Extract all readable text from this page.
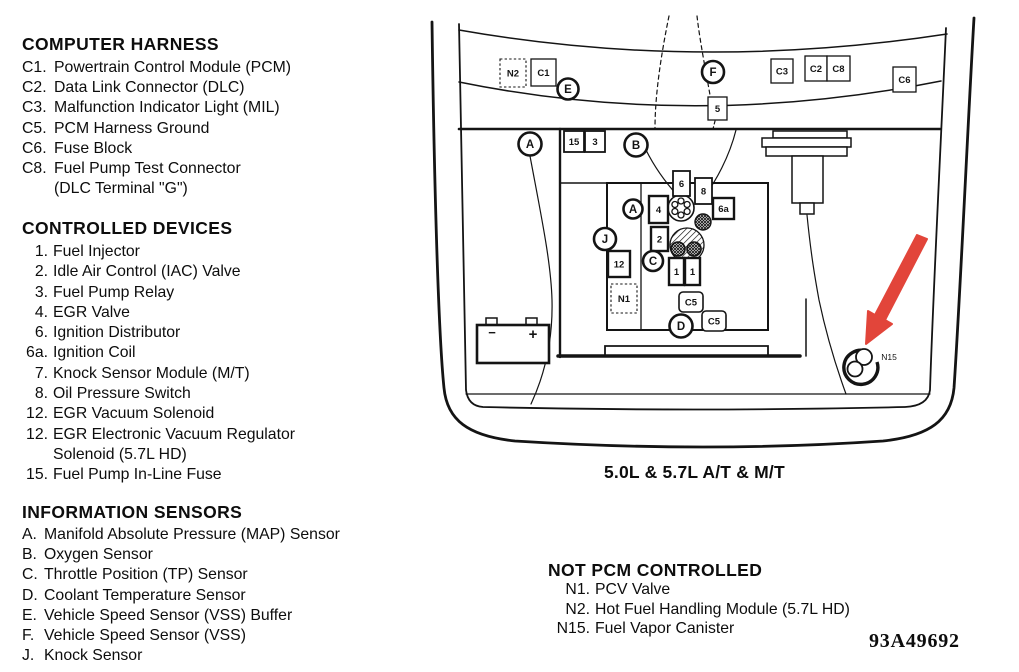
N2 C1
E
F	C3 C2 C8
C6
5
A	15 3	B
6
8
6a
A 4
J	2
C
12
1 1
N1	C5
C5
D
N15
− +
COMPUTER HARNESS
C1. Powertrain Control Module (PCM)
C2. Data Link Connector (DLC)
C3. Malfunction Indicator Light (MIL)
C5. PCM Harness Ground
C6. Fuse Block
C8. Fuel Pump Test Connector
(DLC Terminal "G")
CONTROLLED DEVICES
1. Fuel Injector
2. Idle Air Control (IAC) Valve
3. Fuel Pump Relay
4. EGR Valve
6. Ignition Distributor
6a. Ignition Coil
7. Knock Sensor Module (M/T)
8. Oil Pressure Switch
12. EGR Vacuum Solenoid
12. EGR Electronic Vacuum Regulator
Solenoid (5.7L HD)
15. Fuel Pump In-Line Fuse
INFORMATION SENSORS
A. Manifold Absolute Pressure (MAP) Sensor
B. Oxygen Sensor
C. Throttle Position (TP) Sensor
D. Coolant Temperature Sensor
E. Vehicle Speed Sensor (VSS) Buffer
F. Vehicle Speed Sensor (VSS)
J. Knock Sensor
NOT PCM CONTROLLED
N1. PCV Valve
N2. Hot Fuel Handling Module (5.7L HD)
N15. Fuel Vapor Canister
5.0L & 5.7L A/T & M/T
93A49692
